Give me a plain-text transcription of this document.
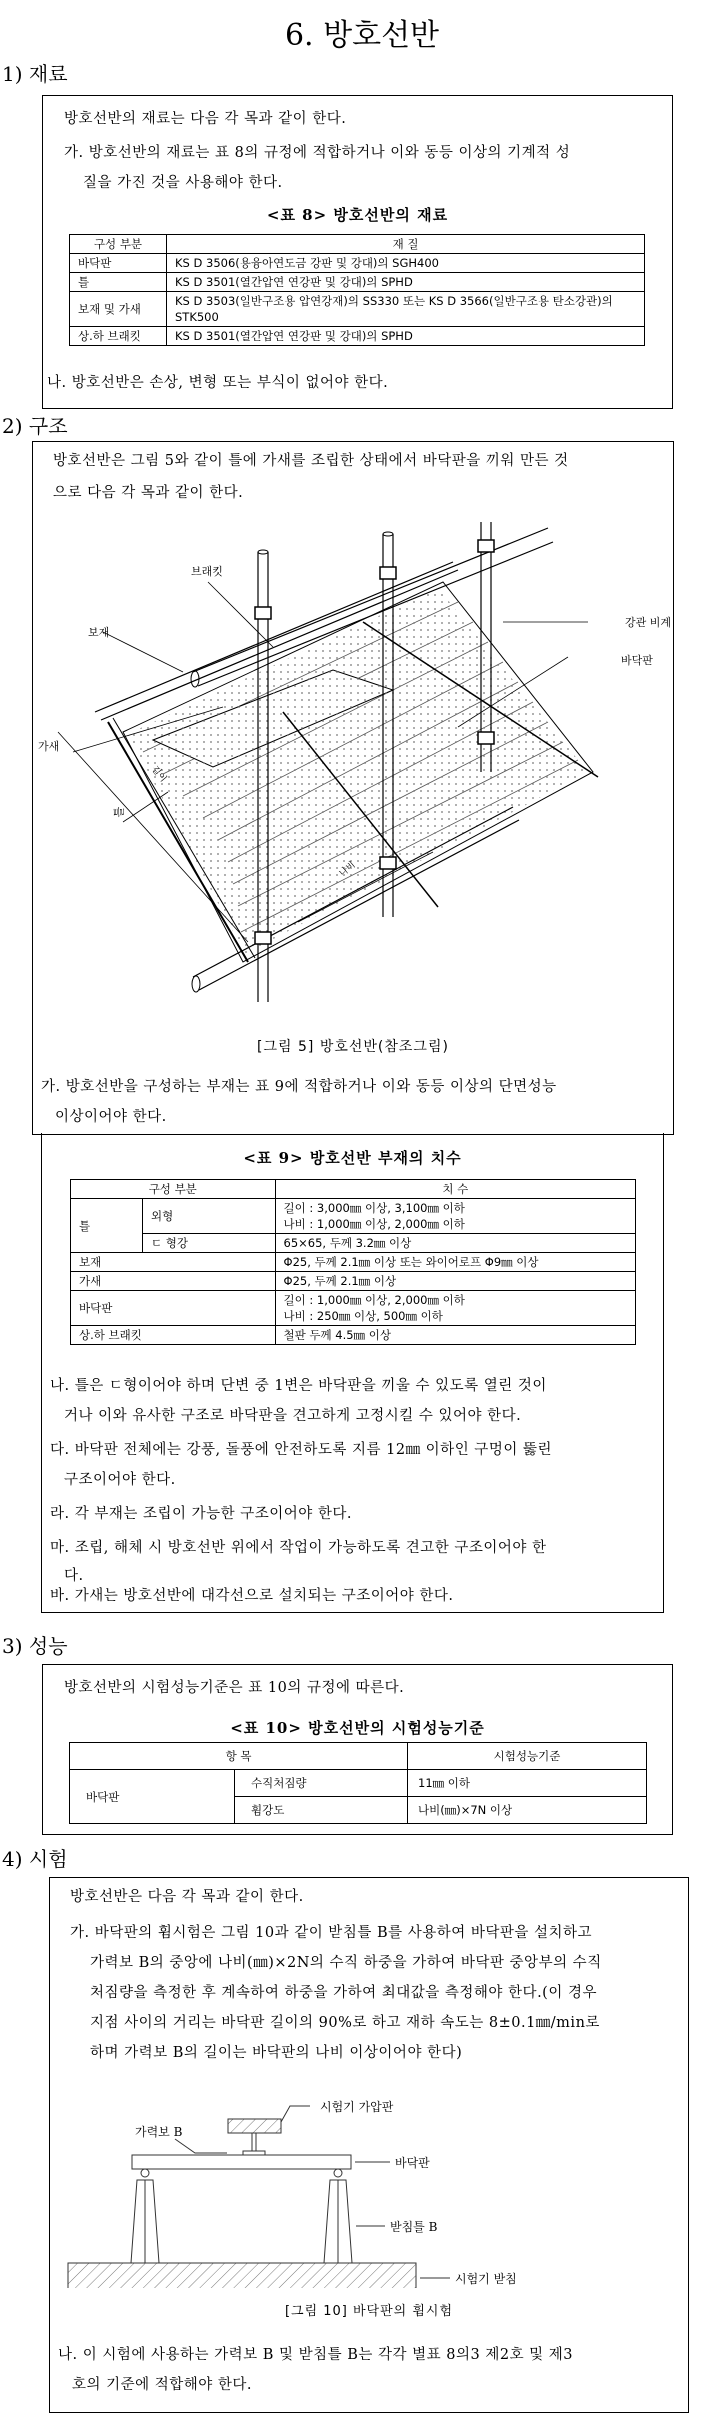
6. 방호선반
1) 재료
방호선반의 재료는 다음 각 목과 같이 한다.
가. 방호선반의 재료는 표 8의 규정에 적합하거나 이와 동등 이상의 기계적 성
질을 가진 것을 사용해야 한다.
<표 8> 방호선반의 재료
구성 부분	재 질
바닥판	KS D 3506(용융아연도금 강판 및 강대)의 SGH400
틀	KS D 3501(열간압연 연강판 및 강대)의 SPHD
보재 및 가새	KS D 3503(일반구조용 압연강재)의 SS330 또는 KS D 3566(일반구조용 탄소강관)의 STK500
상.하 브래킷	KS D 3501(열간압연 연강판 및 강대)의 SPHD
나. 방호선반은 손상, 변형 또는 부식이 없어야 한다.
2) 구조
방호선반은 그림 5와 같이 틀에 가새를 조립한 상태에서 바닥판을 끼워 만든 것
으로 다음 각 목과 같이 한다.
브래킷
강관 비계
보재
바닥판
가새
틀
길이
나비
[그림 5] 방호선반(참조그림)
가. 방호선반을 구성하는 부재는 표 9에 적합하거나 이와 동등 이상의 단면성능
이상이어야 한다.
<표 9> 방호선반 부재의 치수
구성 부분		치 수
틀	외형	길이 : 3,000㎜ 이상, 3,100㎜ 이하
나비 : 1,000㎜ 이상, 2,000㎜ 이하

	ㄷ 형강	65×65, 두께 3.2㎜ 이상
보재		Φ25, 두께 2.1㎜ 이상 또는 와이어로프 Φ9㎜ 이상
가새		Φ25, 두께 2.1㎜ 이상
바닥판		길이 : 1,000㎜ 이상, 2,000㎜ 이하
나비 : 250㎜ 이상, 500㎜ 이하

상.하 브래킷		철판 두께 4.5㎜ 이상
나. 틀은 ㄷ형이어야 하며 단변 중 1변은 바닥판을 끼울 수 있도록 열린 것이
거나 이와 유사한 구조로 바닥판을 견고하게 고정시킬 수 있어야 한다.
다. 바닥판 전체에는 강풍, 돌풍에 안전하도록 지름 12㎜ 이하인 구멍이 뚫린
구조이어야 한다.
라. 각 부재는 조립이 가능한 구조이어야 한다.
마. 조립, 해체 시 방호선반 위에서 작업이 가능하도록 견고한 구조이어야 한
다.
바. 가새는 방호선반에 대각선으로 설치되는 구조이어야 한다.
3) 성능
방호선반의 시험성능기준은 표 10의 규정에 따른다.
<표 10> 방호선반의 시험성능기준
항 목		시험성능기준
바닥판	수직처짐량	11㎜ 이하
	휨강도	나비(㎜)×7N 이상
4) 시험
방호선반은 다음 각 목과 같이 한다.
가. 바닥판의 휨시험은 그림 10과 같이 받침틀 B를 사용하여 바닥판을 설치하고
가력보 B의 중앙에 나비(㎜)×2N의 수직 하중을 가하여 바닥판 중앙부의 수직
처짐량을 측정한 후 계속하여 하중을 가하여 최대값을 측정해야 한다.(이 경우
지점 사이의 거리는 바닥판 길이의 90%로 하고 재하 속도는 8±0.1㎜/min로
하며 가력보 B의 길이는 바닥판의 나비 이상이어야 한다)
시험기 가압판
가력보 B
바닥판
받침틀 B
시험기 받침
[그림 10] 바닥판의 휨시험
나. 이 시험에 사용하는 가력보 B 및 받침틀 B는 각각 별표 8의3 제2호 및 제3
호의 기준에 적합해야 한다.
